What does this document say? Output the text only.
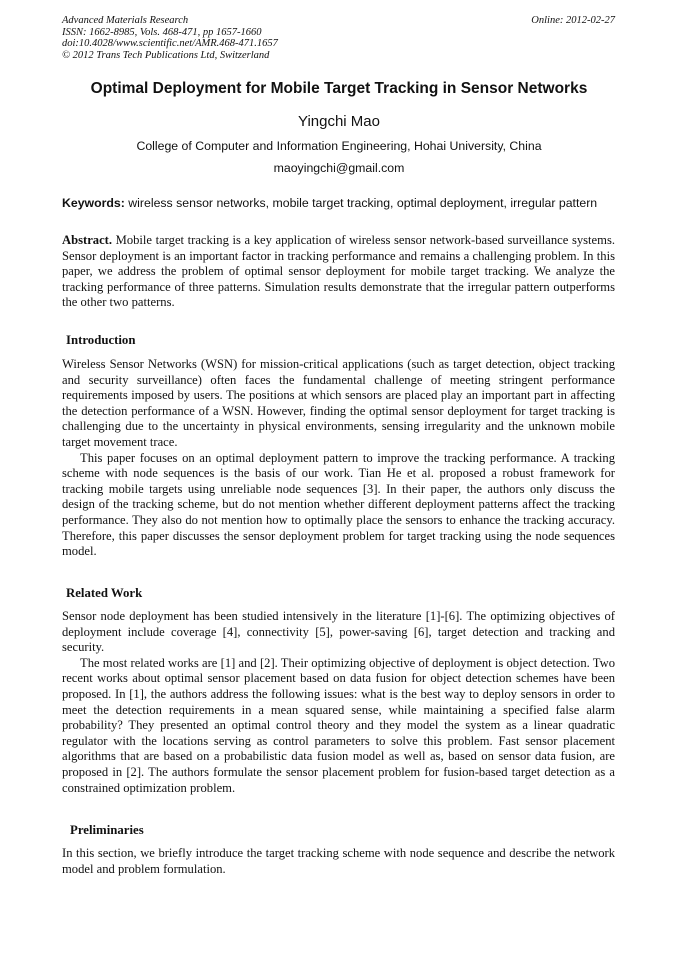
Advanced Materials Research
ISSN: 1662-8985, Vols. 468-471, pp 1657-1660
doi:10.4028/www.scientific.net/AMR.468-471.1657
© 2012 Trans Tech Publications Ltd, Switzerland
Online: 2012-02-27
Optimal Deployment for Mobile Target Tracking in Sensor Networks
Yingchi Mao
College of Computer and Information Engineering, Hohai University, China
maoyingchi@gmail.com
Keywords: wireless sensor networks, mobile target tracking, optimal deployment, irregular pattern

Abstract. Mobile target tracking is a key application of wireless sensor network-based surveillance systems. Sensor deployment is an important factor in tracking performance and remains a challenging problem. In this paper, we address the problem of optimal sensor deployment for mobile target tracking. We analyze the tracking performance of three patterns. Simulation results demonstrate that the irregular pattern outperforms the other two patterns.

Introduction

Wireless Sensor Networks (WSN) for mission-critical applications (such as target detection, object tracking and security surveillance) often faces the fundamental challenge of meeting stringent performance requirements imposed by users. The positions at which sensors are placed play an important part in affecting the detection performance of a WSN. However, finding the optimal sensor deployment for target tracking is challenging due to the uncertainty in physical environments, sensing irregularity and the unknown mobile target movement trace.

This paper focuses on an optimal deployment pattern to improve the tracking performance. A tracking scheme with node sequences is the basis of our work. Tian He et al. proposed a robust framework for tracking mobile targets using unreliable node sequences [3]. In their paper, the authors only discuss the design of the tracking scheme, but do not mention whether different deployment patterns affect the tracking performance. They also do not mention how to optimally place the sensors to enhance the tracking accuracy. Therefore, this paper discusses the sensor deployment problem for target tracking using the node sequences model.

Related Work

Sensor node deployment has been studied intensively in the literature [1]-[6]. The optimizing objectives of deployment include coverage [4], connectivity [5], power-saving [6], target detection and tracking and security.

The most related works are [1] and [2]. Their optimizing objective of deployment is object detection. Two recent works about optimal sensor placement based on data fusion for object detection schemes have been proposed. In [1], the authors address the following issues: what is the best way to deploy sensors in order to meet the detection requirements in a mean squared sense, while maintaining a specified false alarm probability? They presented an optimal control theory and they model the system as a linear quadratic regulator with the locations serving as control parameters to solve this problem. Fast sensor placement algorithms that are based on a probabilistic data fusion model as well as, based on sensor data fusion, are proposed in [2]. The authors formulate the sensor placement problem for fusion-based target detection as a constrained optimization problem.

Preliminaries

In this section, we briefly introduce the target tracking scheme with node sequence and describe the network model and problem formulation.
